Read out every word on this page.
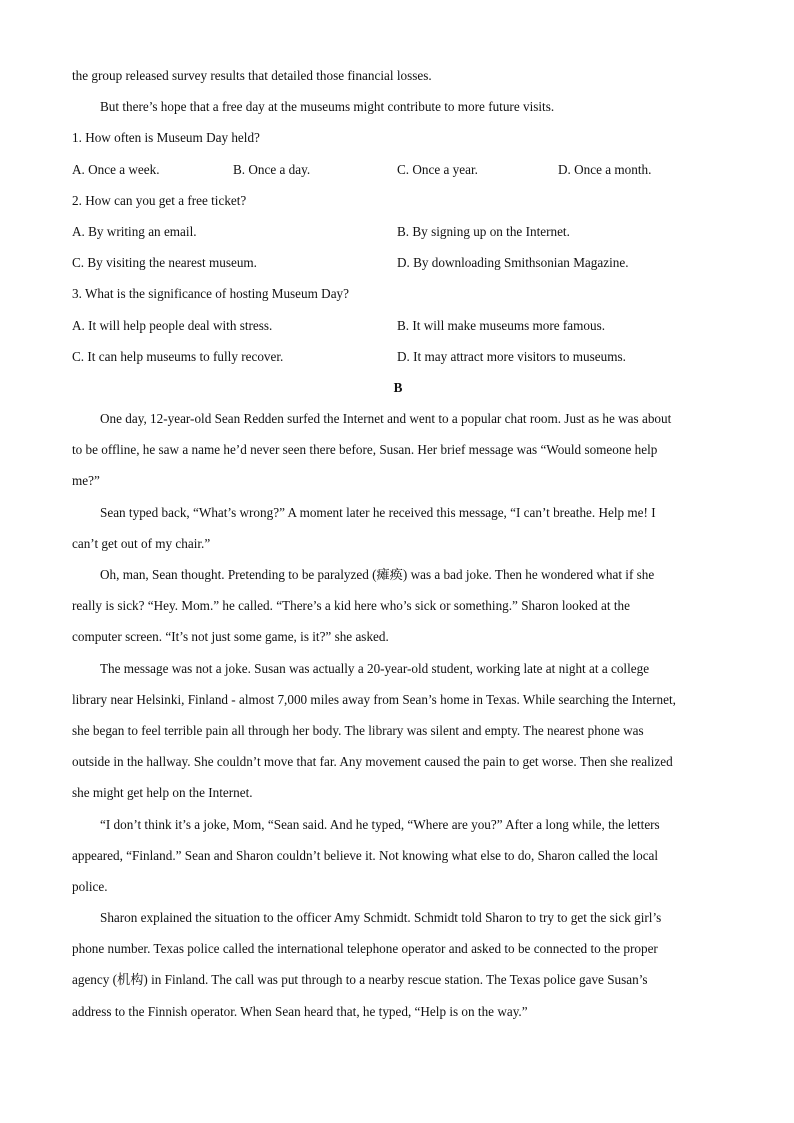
the group released survey results that detailed those financial losses.
But there’s hope that a free day at the museums might contribute to more future visits.
1. How often is Museum Day held?
A. Once a week.	B. Once a day.	C. Once a year.	D. Once a month.
2. How can you get a free ticket?
A. By writing an email.	B. By signing up on the Internet.
C. By visiting the nearest museum.	D. By downloading Smithsonian Magazine.
3. What is the significance of hosting Museum Day?
A. It will help people deal with stress.	B. It will make museums more famous.
C. It can help museums to fully recover.	D. It may attract more visitors to museums.
B
One day, 12-year-old Sean Redden surfed the Internet and went to a popular chat room. Just as he was about
to be offline, he saw a name he’d never seen there before, Susan. Her brief message was “Would someone help
me?”
Sean typed back, “What’s wrong?” A moment later he received this message, “I can’t breathe. Help me! I
can’t get out of my chair.”
Oh, man, Sean thought. Pretending to be paralyzed (瘫痪) was a bad joke. Then he wondered what if she
really is sick? “Hey. Mom.” he called. “There’s a kid here who’s sick or something.” Sharon looked at the
computer screen. “It’s not just some game, is it?” she asked.
The message was not a joke. Susan was actually a 20-year-old student, working late at night at a college
library near Helsinki, Finland - almost 7,000 miles away from Sean’s home in Texas. While searching the Internet,
she began to feel terrible pain all through her body. The library was silent and empty. The nearest phone was
outside in the hallway. She couldn’t move that far. Any movement caused the pain to get worse. Then she realized
she might get help on the Internet.
“I don’t think it’s a joke, Mom, “Sean said. And he typed, “Where are you?” After a long while, the letters
appeared, “Finland.” Sean and Sharon couldn’t believe it. Not knowing what else to do, Sharon called the local
police.
Sharon explained the situation to the officer Amy Schmidt. Schmidt told Sharon to try to get the sick girl’s
phone number. Texas police called the international telephone operator and asked to be connected to the proper
agency (机构) in Finland. The call was put through to a nearby rescue station. The Texas police gave Susan’s
address to the Finnish operator. When Sean heard that, he typed, “Help is on the way.”
